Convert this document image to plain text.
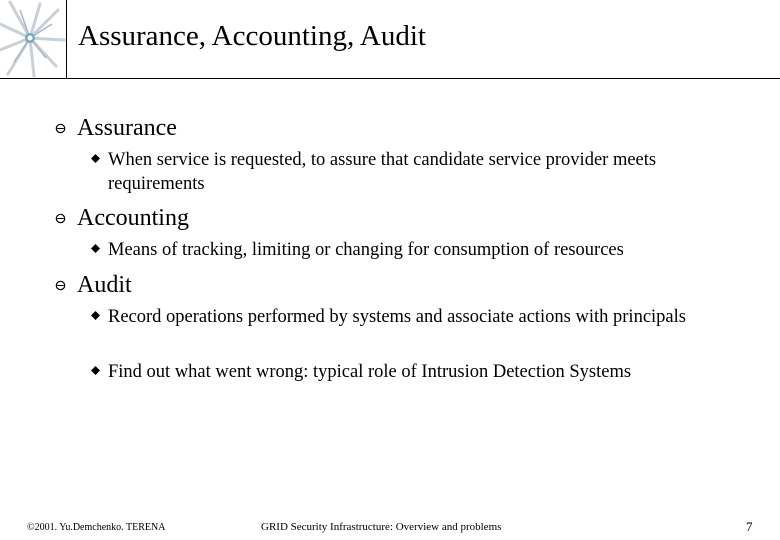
Assurance, Accounting, Audit
Assurance
When service is requested, to assure that candidate service provider meets requirements
Accounting
Means of tracking, limiting or changing for consumption of resources
Audit
Record operations performed by systems and associate actions with principals
Find out what went wrong: typical role of Intrusion Detection Systems
©2001. Yu.Demchenko. TERENA	GRID Security Infrastructure: Overview and problems	7
